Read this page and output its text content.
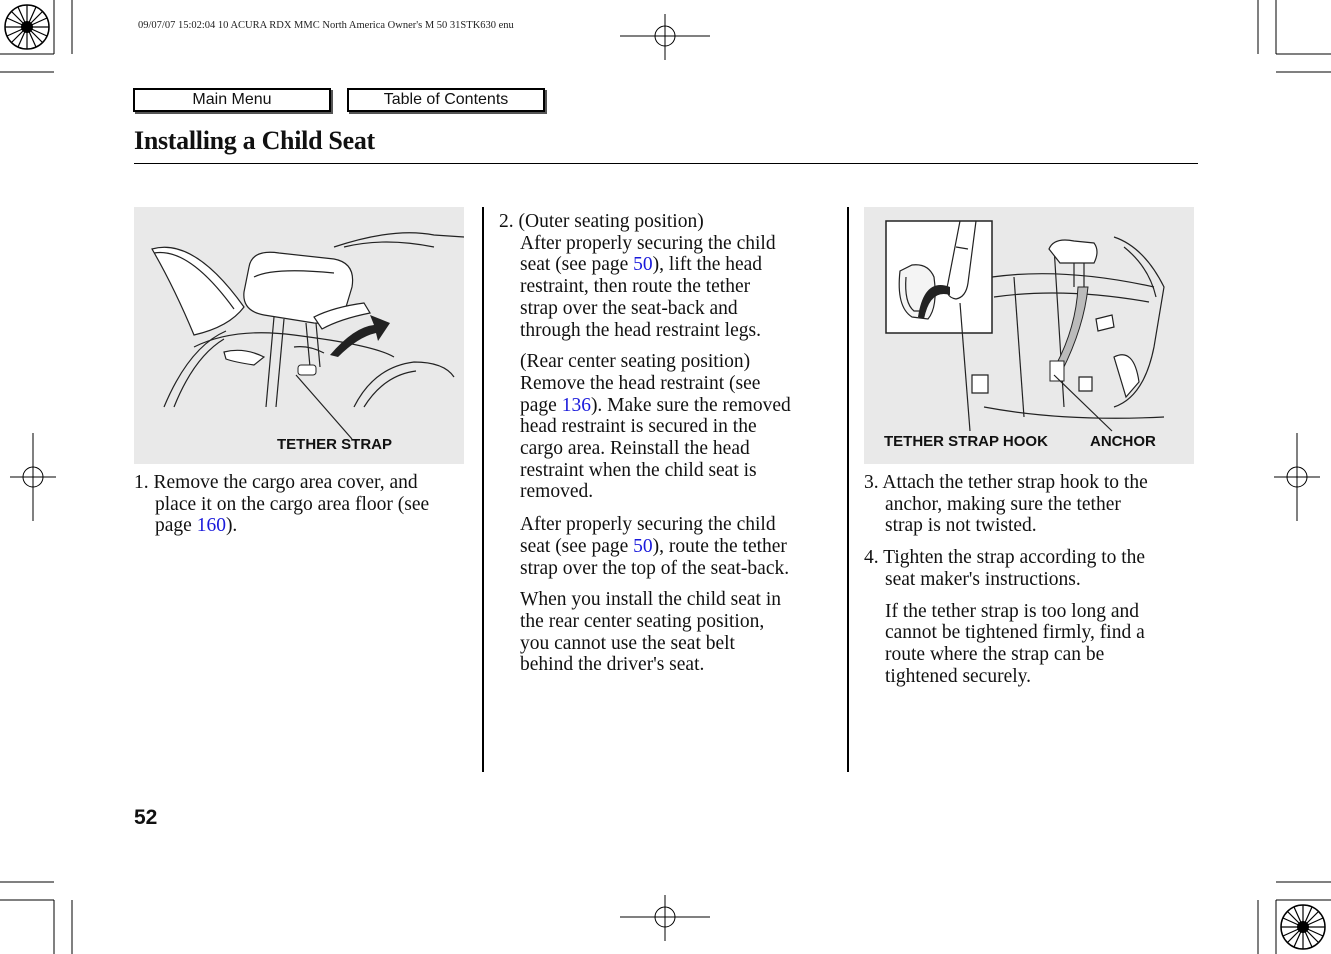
09/07/07 15:02:04 10 ACURA RDX MMC North America Owner's M 50 31STK630 enu
Main Menu	Table of Contents
Installing a Child Seat
TETHER STRAP	TETHER STRAP HOOK	ANCHOR

1. Remove the cargo area cover, and

place it on the cargo area floor (see

page 160).

2. (Outer seating position)

After properly securing the child

seat (see page 50), lift the head

restraint, then route the tether

strap over the seat-back and

through the head restraint legs.

(Rear center seating position)

Remove the head restraint (see

page 136). Make sure the removed

head restraint is secured in the

cargo area. Reinstall the head

restraint when the child seat is

removed.

After properly securing the child

seat (see page 50), route the tether

strap over the top of the seat-back.

When you install the child seat in

the rear center seating position,

you cannot use the seat belt

behind the driver's seat.

3. Attach the tether strap hook to the

anchor, making sure the tether

strap is not twisted.

4. Tighten the strap according to the

seat maker's instructions.

If the tether strap is too long and

cannot be tightened firmly, find a

route where the strap can be

tightened securely.

52
